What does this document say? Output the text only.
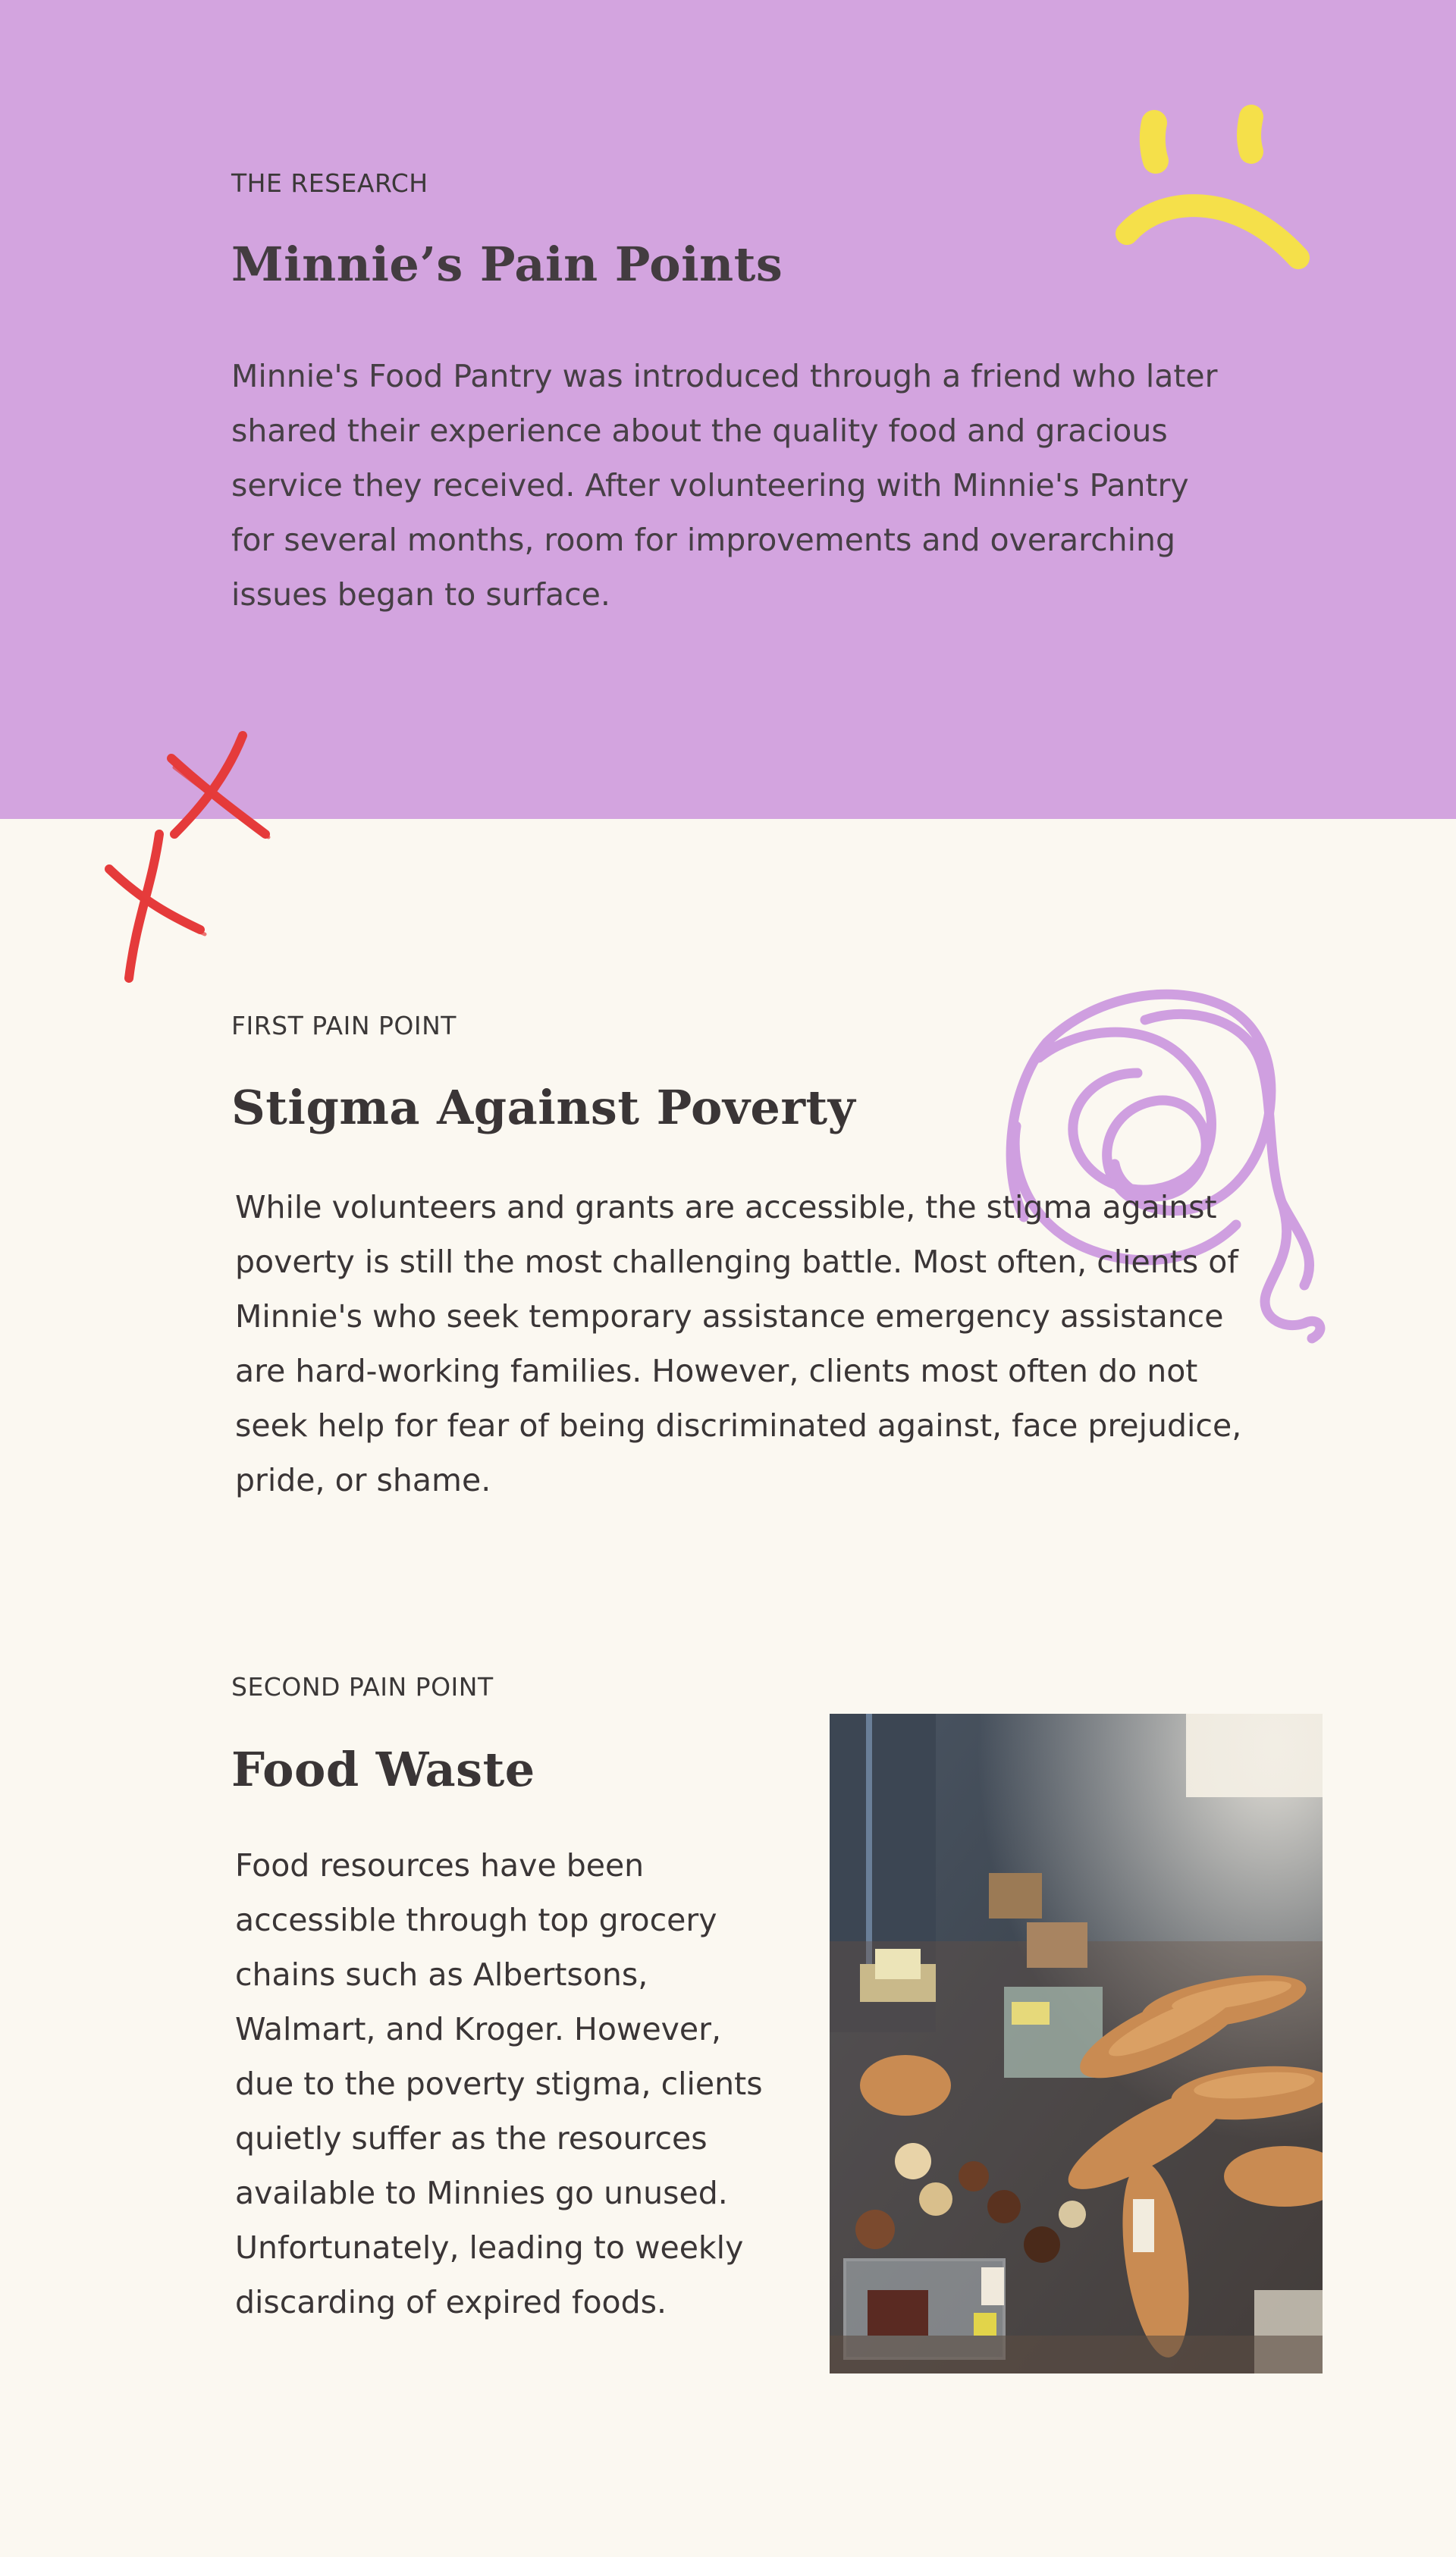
THE RESEARCH
Minnie’s Pain Points

Minnie's Food Pantry was introduced through a friend who later shared their experience about the quality food and gracious service they received. After volunteering with Minnie's Pantry for several months, room for improvements and overarching issues began to surface.

FIRST PAIN POINT
Stigma Against Poverty

While volunteers and grants are accessible, the stigma against poverty is still the most challenging battle. Most often, clients of Minnie's who seek temporary assistance emergency assistance are hard-working families. However, clients most often do not seek help for fear of being discriminated against, face prejudice, pride, or shame.

SECOND PAIN POINT
Food Waste

Food resources have been accessible through top grocery chains such as Albertsons, Walmart, and Kroger. However, due to the poverty stigma, clients quietly suffer as the resources available to Minnies go unused. Unfortunately, leading to weekly discarding of expired foods.
